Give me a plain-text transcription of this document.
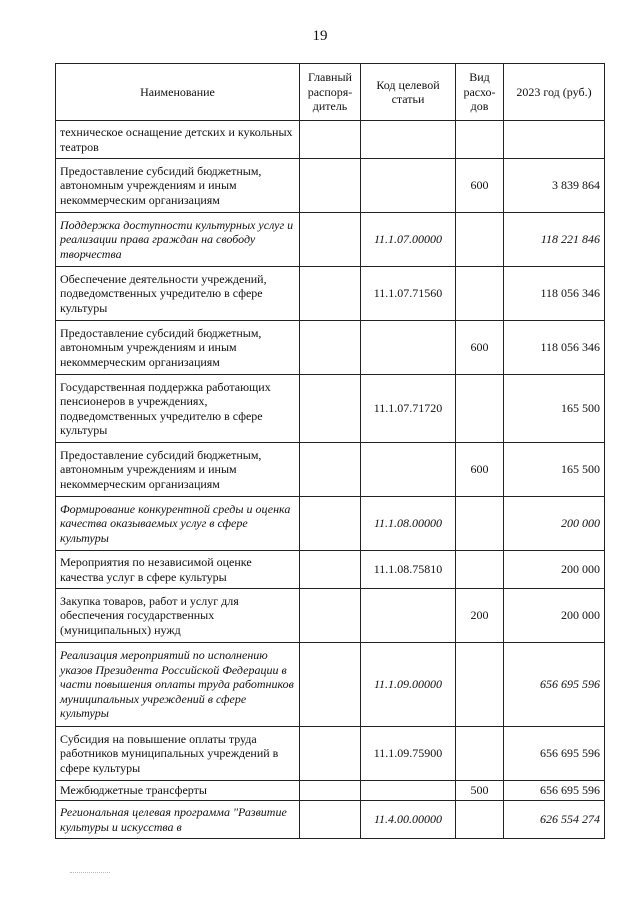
19
Наименование	Главный распоря-дитель	Код целевой статьи	Вид расхо-дов	2023 год (руб.)
техническое оснащение детских и кукольных театров				
Предоставление субсидий бюджетным, автономным учреждениям и иным некоммерческим организациям			600	3 839 864
Поддержка доступности культурных услуг и реализации права граждан на свободу творчества		11.1.07.00000		118 221 846
Обеспечение деятельности учреждений, подведомственных учредителю в сфере культуры		11.1.07.71560		118 056 346
Предоставление субсидий бюджетным, автономным учреждениям и иным некоммерческим организациям			600	118 056 346
Государственная поддержка работающих пенсионеров в учреждениях, подведомственных учредителю в сфере культуры		11.1.07.71720		165 500
Предоставление субсидий бюджетным, автономным учреждениям и иным некоммерческим организациям			600	165 500
Формирование конкурентной среды и оценка качества оказываемых услуг в сфере культуры		11.1.08.00000		200 000
Мероприятия по независимой оценке качества услуг в сфере культуры		11.1.08.75810		200 000
Закупка товаров, работ и услуг для обеспечения государственных (муниципальных) нужд			200	200 000
Реализация мероприятий по исполнению указов Президента Российской Федерации в части повышения оплаты труда работников муниципальных учреждений в сфере культуры		11.1.09.00000		656 695 596
Субсидия на повышение оплаты труда работников муниципальных учреждений в сфере культуры		11.1.09.75900		656 695 596
Межбюджетные трансферты			500	656 695 596
Региональная целевая программа "Развитие культуры и искусства в		11.4.00.00000		626 554 274
